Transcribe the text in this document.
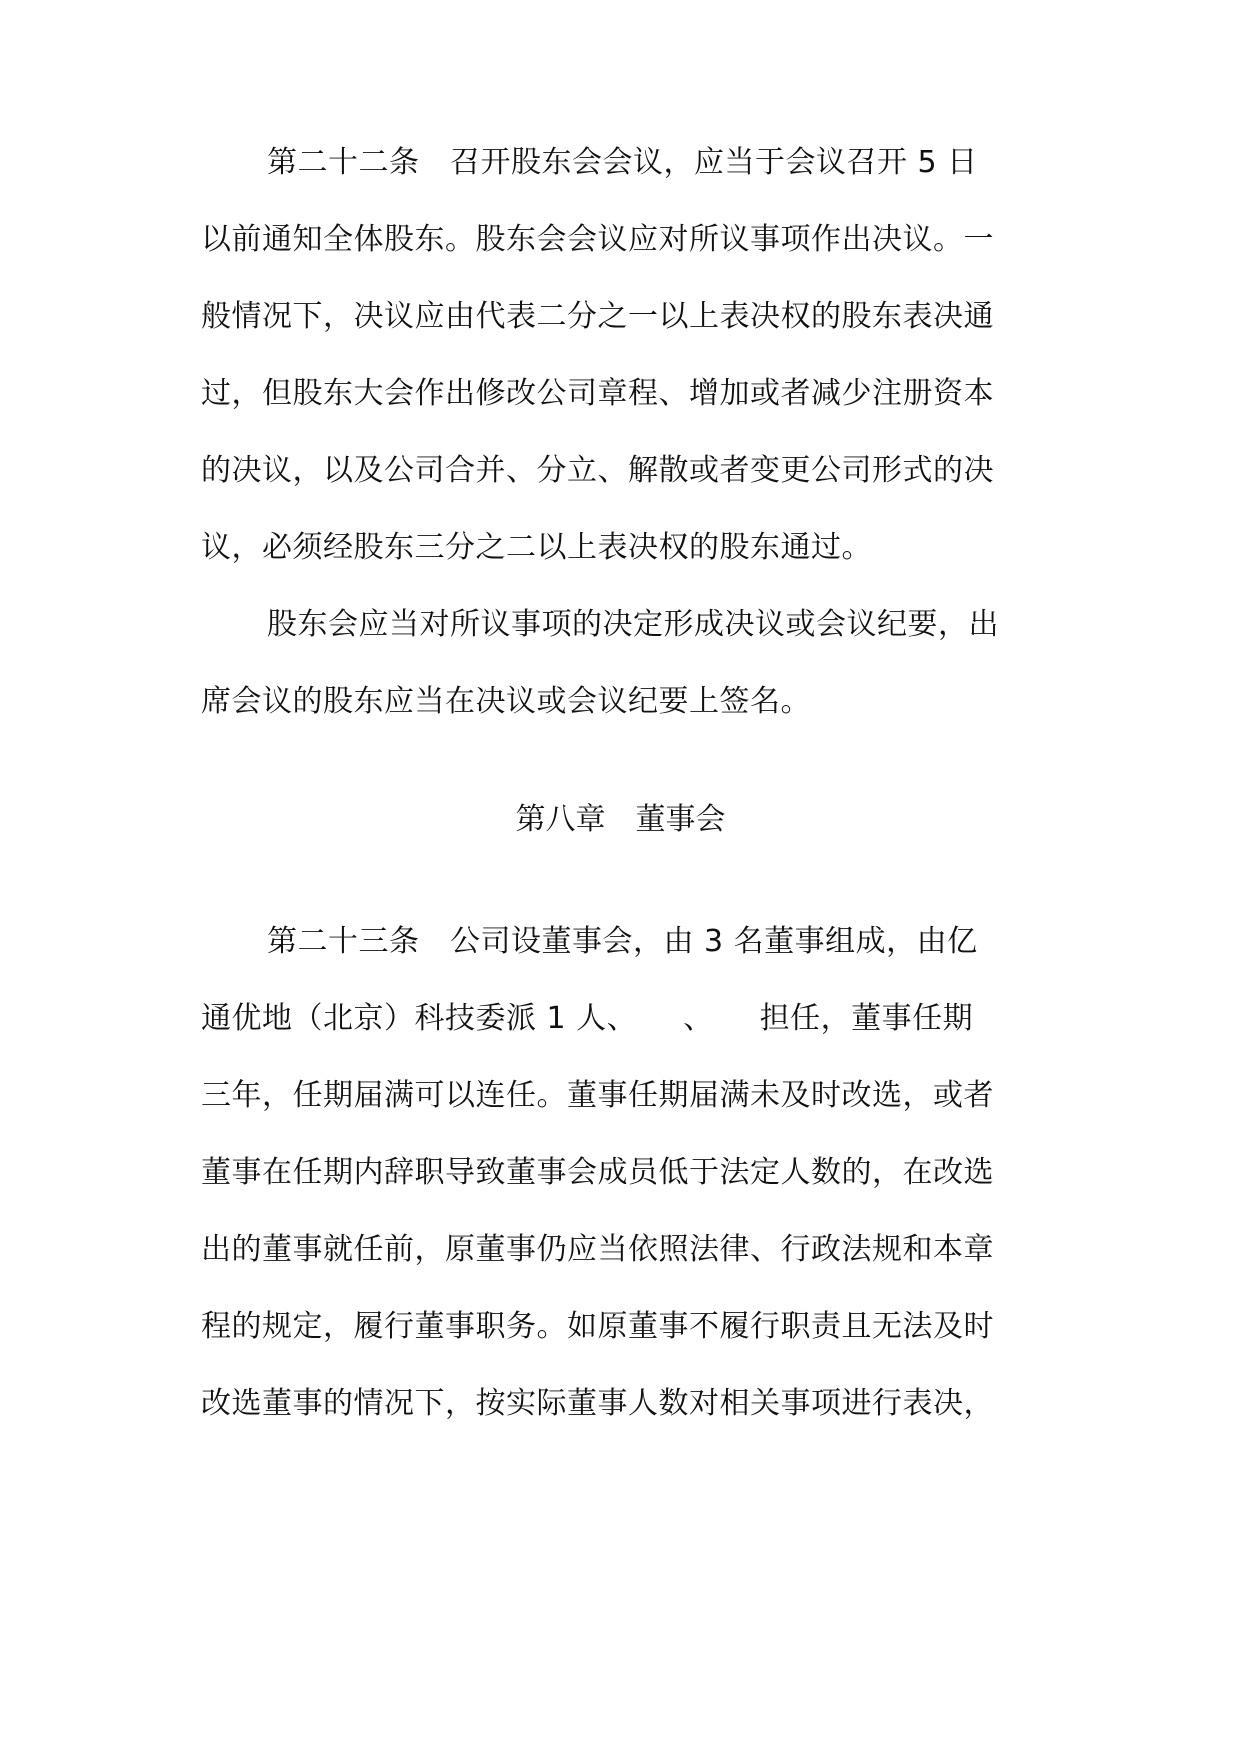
第二十二条　召开股东会会议，应当于会议召开 5 日
以前通知全体股东。股东会会议应对所议事项作出决议。一
般情况下，决议应由代表二分之一以上表决权的股东表决通
过，但股东大会作出修改公司章程、增加或者减少注册资本
的决议，以及公司合并、分立、解散或者变更公司形式的决
议，必须经股东三分之二以上表决权的股东通过。
股东会应当对所议事项的决定形成决议或会议纪要，出
席会议的股东应当在决议或会议纪要上签名。
第八章　董事会
第二十三条　公司设董事会，由 3 名董事组成，由亿
通优地（北京）科技委派 1 人、　　、　　担任，董事任期
三年，任期届满可以连任。董事任期届满未及时改选，或者
董事在任期内辞职导致董事会成员低于法定人数的，在改选
出的董事就任前，原董事仍应当依照法律、行政法规和本章
程的规定，履行董事职务。如原董事不履行职责且无法及时
改选董事的情况下，按实际董事人数对相关事项进行表决，
